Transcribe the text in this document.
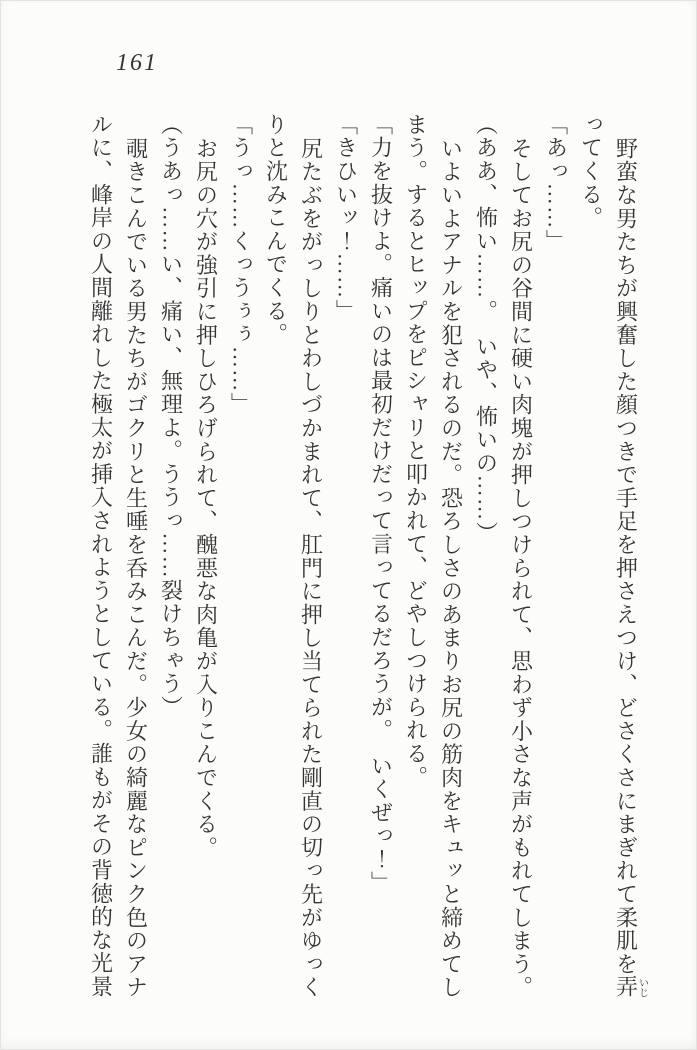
161
野蛮な男たちが興奮した顔つきで手足を押さえつけ、どさくさにまぎれて柔肌を弄いじ
ってくる。
「あっ……」
そしてお尻の谷間に硬い肉塊が押しつけられて、思わず小さな声がもれてしまう。
（ああ、怖い……。　いや、怖いの……）
いよいよアナルを犯されるのだ。恐ろしさのあまりお尻の筋肉をキュッと締めてし
まう。するとヒップをピシャリと叩かれて、どやしつけられる。
「力を抜けよ。痛いのは最初だけだって言ってるだろうが。　いくぜっ！」
「きひいッ！……」
尻たぶをがっしりとわしづかまれて、肛門に押し当てられた剛直の切っ先がゆっく
りと沈みこんでくる。
「うっ……くっうぅぅ……」
お尻の穴が強引に押しひろげられて、醜悪な肉亀が入りこんでくる。
（うあっ……い、痛い、無理よ。ううっ……裂けちゃう）
覗きこんでいる男たちがゴクリと生唾を呑みこんだ。少女の綺麗なピンク色のアナ
ルに、峰岸の人間離れした極太が挿入されようとしている。誰もがその背徳的な光景
